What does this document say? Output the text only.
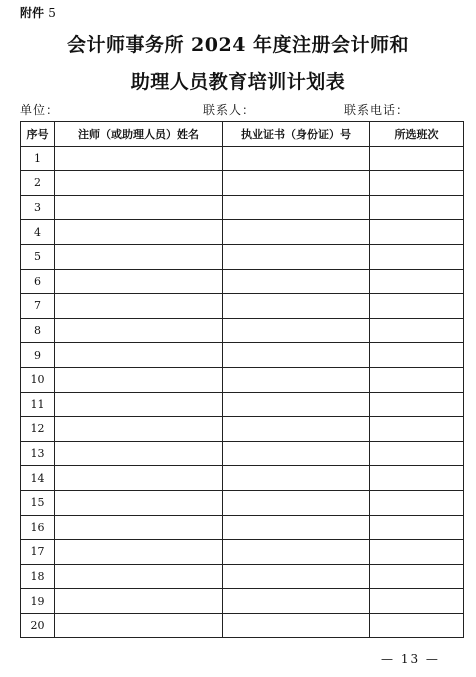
附件 5
会计师事务所 2024 年度注册会计师和
助理人员教育培训计划表
单位：	联系人：	联系电话：
序号	注师（或助理人员）姓名	执业证书（身份证）号	所选班次
1			
2			
3			
4			
5			
6			
7			
8			
9			
10			
11			
12			
13			
14			
15			
16			
17			
18			
19			
20			
— 13 —
